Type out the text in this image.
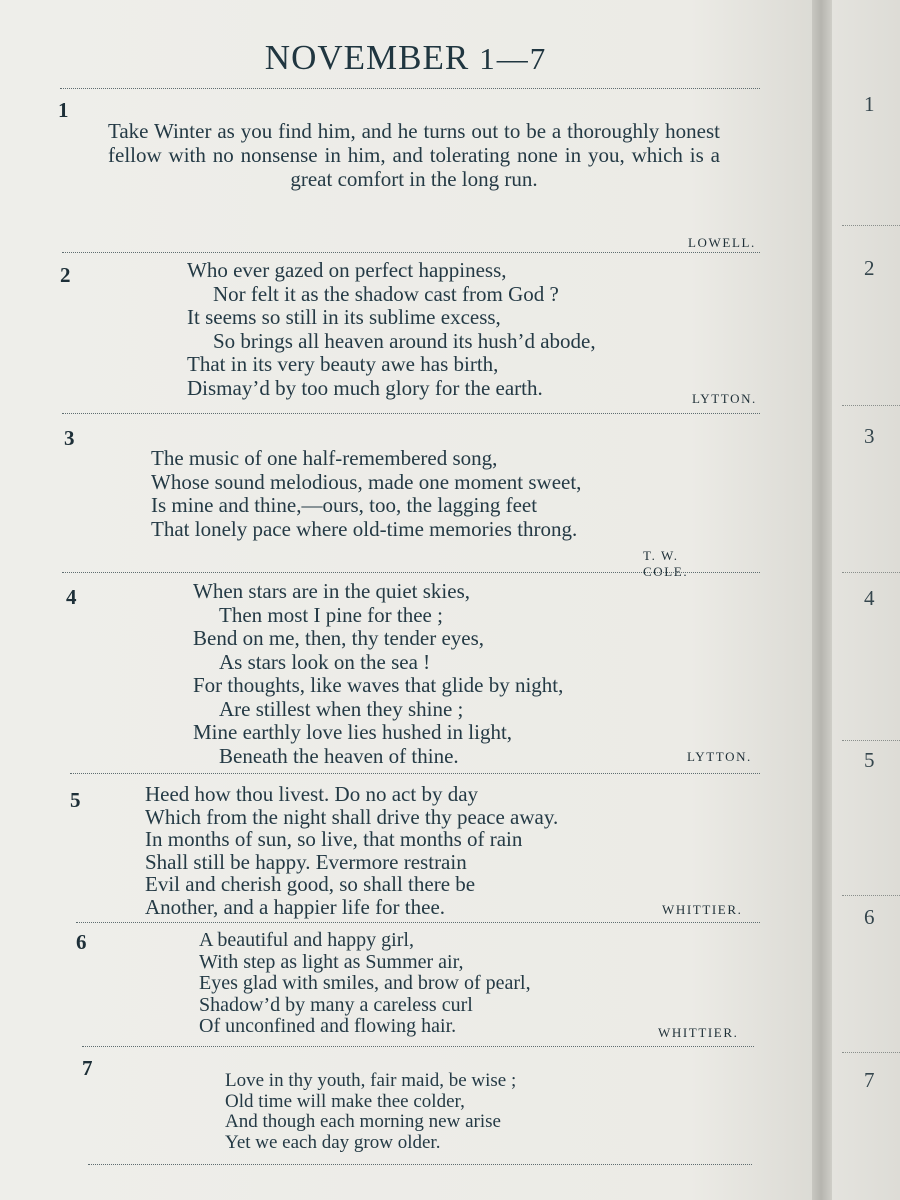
NOVEMBER 1—7
1
Take Winter as you find him, and he turns out to be a thoroughly honest fellow with no nonsense in him, and tolerating none in you, which is a great comfort in the long run.
LOWELL.
2	Who ever gazed on perfect happiness,
Nor felt it as the shadow cast from God ?
It seems so still in its sublime excess,
So brings all heaven around its hush’d abode,
That in its very beauty awe has birth,
Dismay’d by too much glory for the earth.	LYTTON.
3
The music of one half-remembered song,
Whose sound melodious, made one moment sweet,
Is mine and thine,—ours, too, the lagging feet
That lonely pace where old-time memories throng.
T. W. COLE.
4	When stars are in the quiet skies,
Then most I pine for thee ;
Bend on me, then, thy tender eyes,
As stars look on the sea !
For thoughts, like waves that glide by night,
Are stillest when they shine ;
Mine earthly love lies hushed in light,
Beneath the heaven of thine.	LYTTON.
5	Heed how thou livest. Do no act by day
Which from the night shall drive thy peace away.
In months of sun, so live, that months of rain
Shall still be happy. Evermore restrain
Evil and cherish good, so shall there be
Another, and a happier life for thee.	WHITTIER.
6	A beautiful and happy girl,
With step as light as Summer air,
Eyes glad with smiles, and brow of pearl,
Shadow’d by many a careless curl
Of unconfined and flowing hair.	WHITTIER.
7
Love in thy youth, fair maid, be wise ;
Old time will make thee colder,
And though each morning new arise
Yet we each day grow older.
1
2
3
4
5
6
7
